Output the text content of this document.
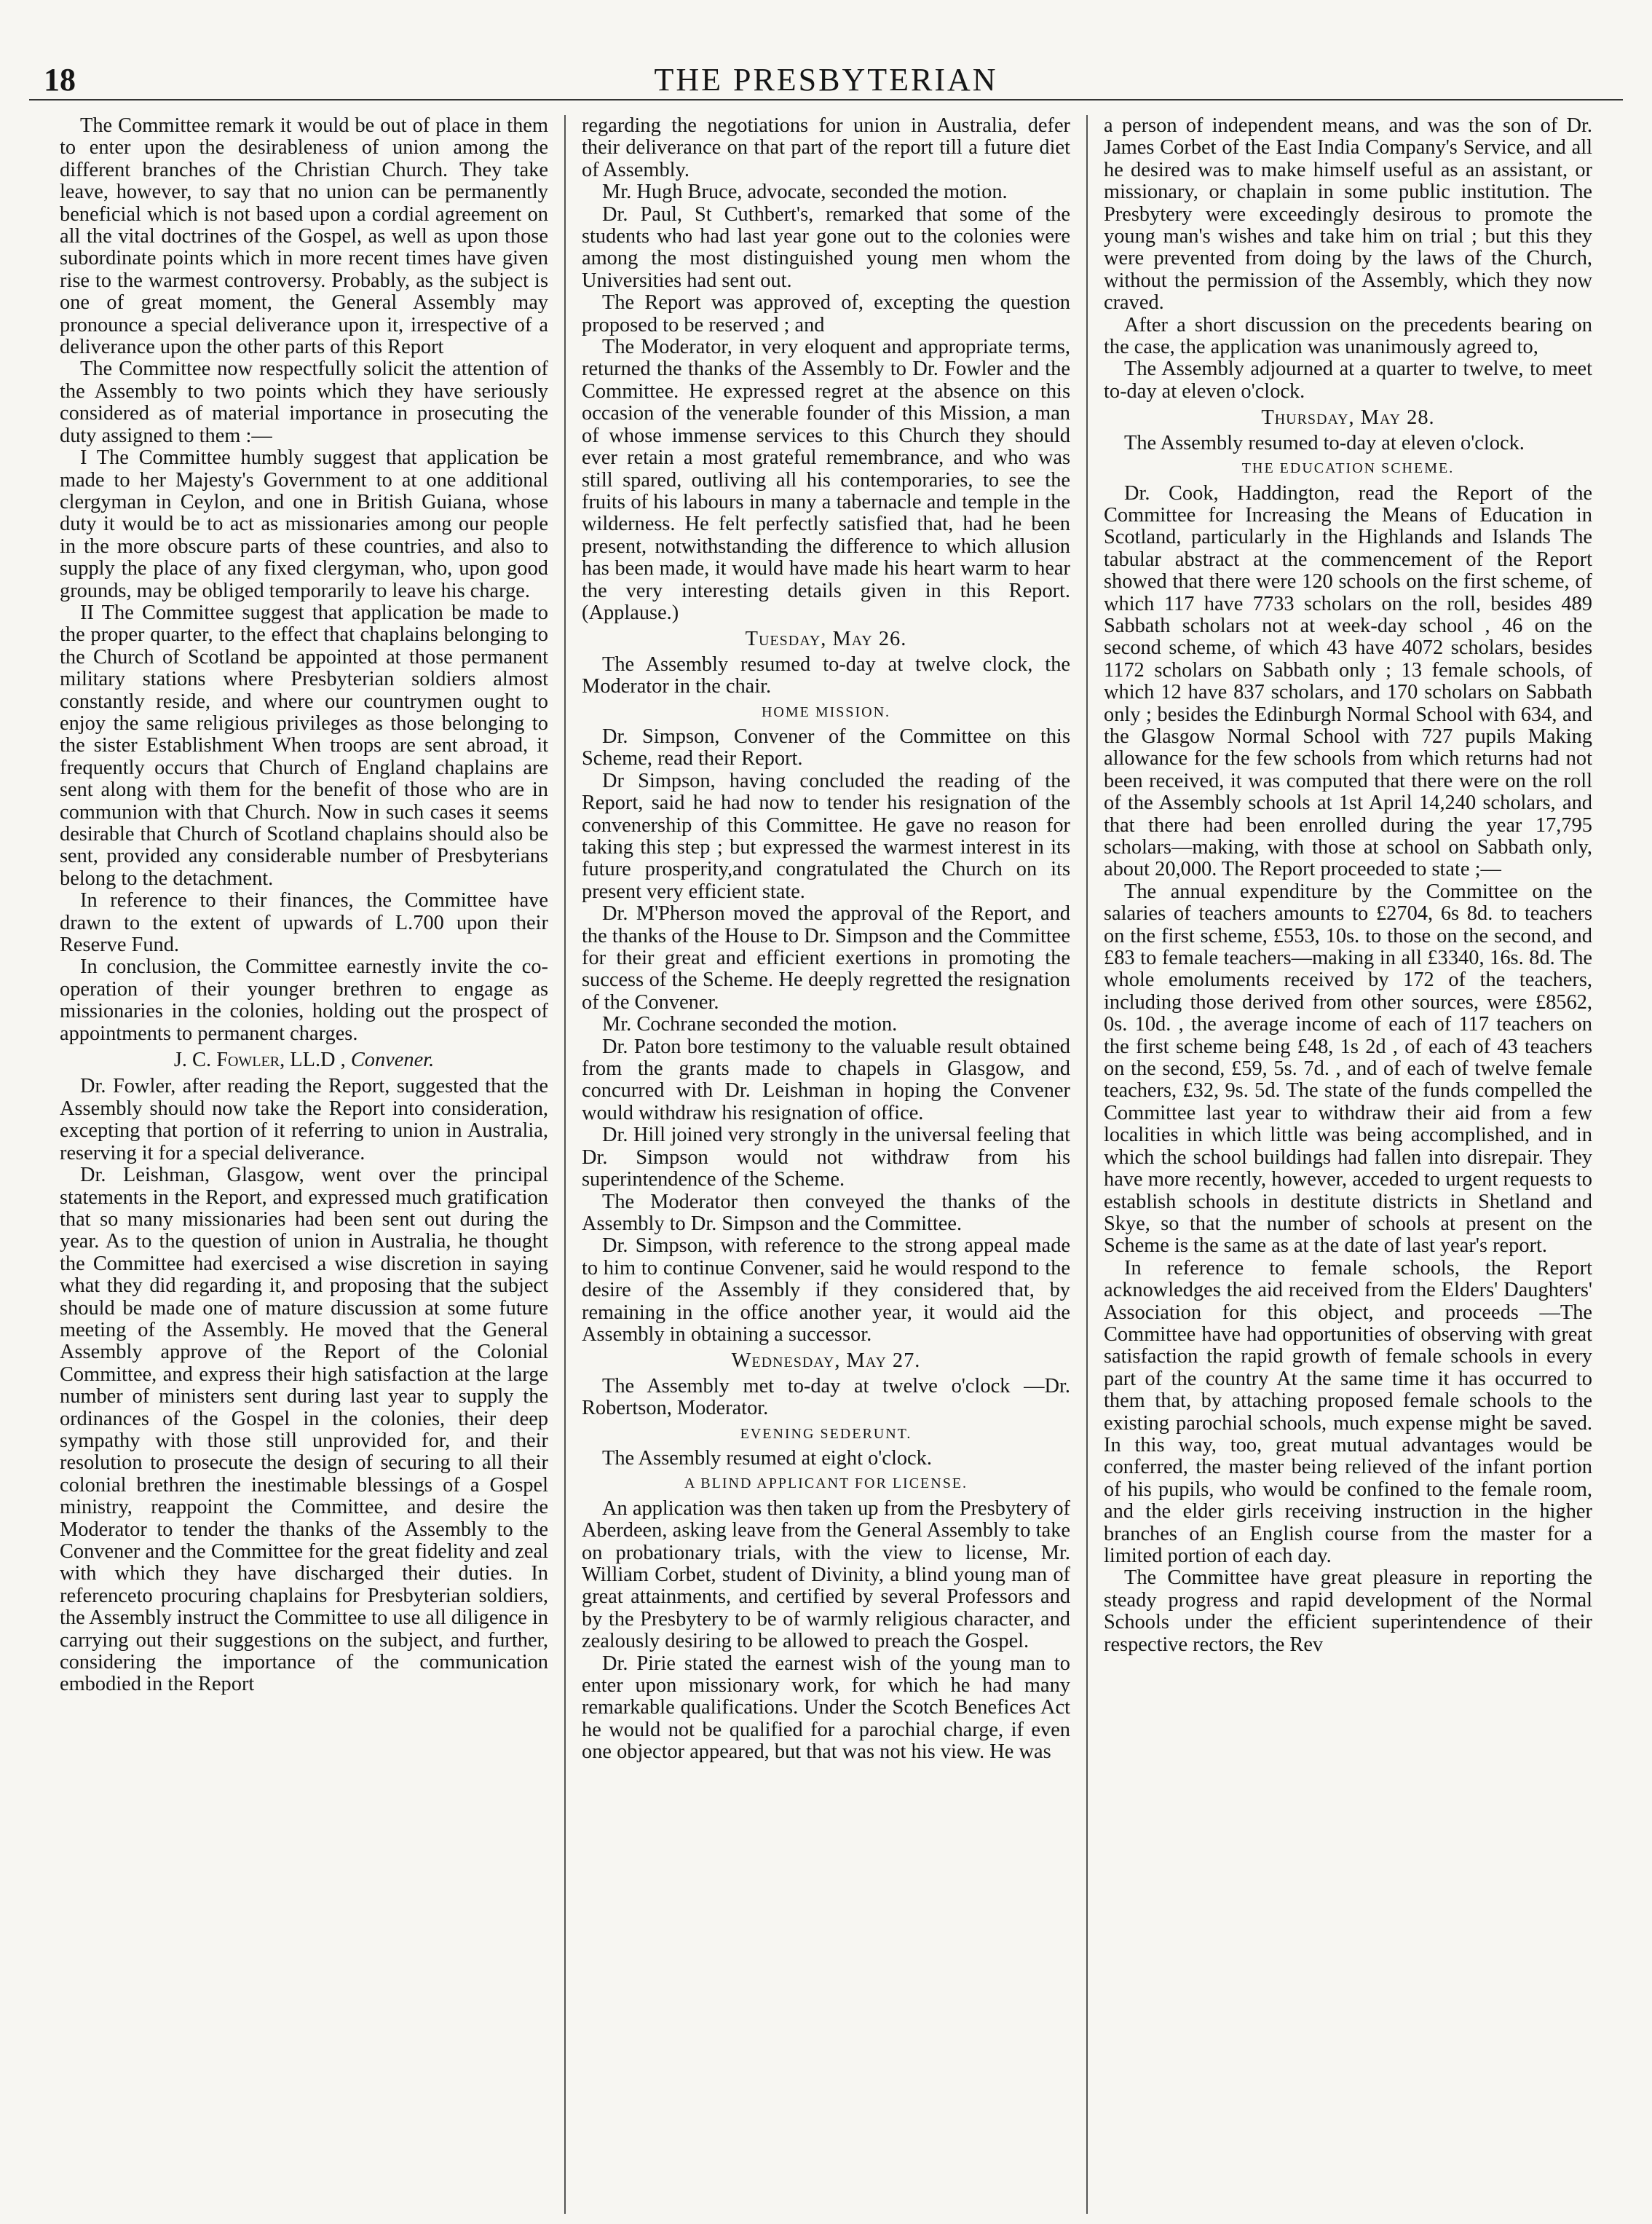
18	THE PRESBYTERIAN

The Committee remark it would be out of place in them to enter upon the desirableness of union among the different branches of the Christian Church. They take leave, however, to say that no union can be permanently beneficial which is not based upon a cordial agreement on all the vital doctrines of the Gospel, as well as upon those subordinate points which in more recent times have given rise to the warmest controversy. Probably, as the subject is one of great moment, the General Assembly may pronounce a special deliverance upon it, irrespective of a deliverance upon the other parts of this Report

The Committee now respectfully solicit the attention of the Assembly to two points which they have seriously considered as of material importance in prosecuting the duty assigned to them :—

I The Committee humbly suggest that application be made to her Majesty's Government to at one additional clergyman in Ceylon, and one in British Guiana, whose duty it would be to act as missionaries among our people in the more obscure parts of these countries, and also to supply the place of any fixed clergyman, who, upon good grounds, may be obliged temporarily to leave his charge.

II The Committee suggest that application be made to the proper quarter, to the effect that chaplains belonging to the Church of Scotland be appointed at those permanent military stations where Presbyterian soldiers almost constantly reside, and where our countrymen ought to enjoy the same religious privileges as those belonging to the sister Establishment When troops are sent abroad, it frequently occurs that Church of England chaplains are sent along with them for the benefit of those who are in communion with that Church. Now in such cases it seems desirable that Church of Scotland chaplains should also be sent, provided any considerable number of Presbyterians belong to the detachment.

In reference to their finances, the Committee have drawn to the extent of upwards of L.700 upon their Reserve Fund.

In conclusion, the Committee earnestly invite the co-operation of their younger brethren to engage as missionaries in the colonies, holding out the prospect of appointments to permanent charges.

J. C. Fowler, LL.D , Convener.

Dr. Fowler, after reading the Report, suggested that the Assembly should now take the Report into consideration, excepting that portion of it referring to union in Australia, reserving it for a special deliverance.

Dr. Leishman, Glasgow, went over the principal statements in the Report, and expressed much gratification that so many missionaries had been sent out during the year. As to the question of union in Australia, he thought the Committee had exercised a wise discretion in saying what they did regarding it, and proposing that the subject should be made one of mature discussion at some future meeting of the Assembly. He moved that the General Assembly approve of the Report of the Colonial Committee, and express their high satisfaction at the large number of ministers sent during last year to supply the ordinances of the Gospel in the colonies, their deep sympathy with those still unprovided for, and their resolution to prosecute the design of securing to all their colonial brethren the inestimable blessings of a Gospel ministry, reappoint the Committee, and desire the Moderator to tender the thanks of the Assembly to the Convener and the Committee for the great fidelity and zeal with which they have discharged their duties. In referenceto procuring chaplains for Presbyterian soldiers, the Assembly instruct the Committee to use all diligence in carrying out their suggestions on the subject, and further, considering the importance of the communication embodied in the Report

regarding the negotiations for union in Australia, defer their deliverance on that part of the report till a future diet of Assembly.

Mr. Hugh Bruce, advocate, seconded the motion.

Dr. Paul, St Cuthbert's, remarked that some of the students who had last year gone out to the colonies were among the most distinguished young men whom the Universities had sent out.

The Report was approved of, excepting the question proposed to be reserved ; and

The Moderator, in very eloquent and appropriate terms, returned the thanks of the Assembly to Dr. Fowler and the Committee. He expressed regret at the absence on this occasion of the venerable founder of this Mission, a man of whose immense services to this Church they should ever retain a most grateful remembrance, and who was still spared, outliving all his contemporaries, to see the fruits of his labours in many a tabernacle and temple in the wilderness. He felt perfectly satisfied that, had he been present, notwithstanding the difference to which allusion has been made, it would have made his heart warm to hear the very interesting details given in this Report. (Applause.)

Tuesday, May 26.

The Assembly resumed to-day at twelve clock, the Moderator in the chair.

HOME MISSION.

Dr. Simpson, Convener of the Committee on this Scheme, read their Report.

Dr Simpson, having concluded the reading of the Report, said he had now to tender his resignation of the convenership of this Committee. He gave no reason for taking this step ; but expressed the warmest interest in its future prosperity,and congratulated the Church on its present very efficient state.

Dr. M'Pherson moved the approval of the Report, and the thanks of the House to Dr. Simpson and the Committee for their great and efficient exertions in promoting the success of the Scheme. He deeply regretted the resignation of the Convener.

Mr. Cochrane seconded the motion.

Dr. Paton bore testimony to the valuable result obtained from the grants made to chapels in Glasgow, and concurred with Dr. Leishman in hoping the Convener would withdraw his resignation of office.

Dr. Hill joined very strongly in the universal feeling that Dr. Simpson would not withdraw from his superintendence of the Scheme.

The Moderator then conveyed the thanks of the Assembly to Dr. Simpson and the Committee.

Dr. Simpson, with reference to the strong appeal made to him to continue Convener, said he would respond to the desire of the Assembly if they considered that, by remaining in the office another year, it would aid the Assembly in obtaining a successor.

Wednesday, May 27.

The Assembly met to-day at twelve o'clock —Dr. Robertson, Moderator.

EVENING SEDERUNT.

The Assembly resumed at eight o'clock.

A BLIND APPLICANT FOR LICENSE.

An application was then taken up from the Presbytery of Aberdeen, asking leave from the General Assembly to take on probationary trials, with the view to license, Mr. William Corbet, student of Divinity, a blind young man of great attainments, and certified by several Professors and by the Presbytery to be of warmly religious character, and zealously desiring to be allowed to preach the Gospel.

Dr. Pirie stated the earnest wish of the young man to enter upon missionary work, for which he had many remarkable qualifications. Under the Scotch Benefices Act he would not be qualified for a parochial charge, if even one objector appeared, but that was not his view. He was

a person of independent means, and was the son of Dr. James Corbet of the East India Company's Service, and all he desired was to make himself useful as an assistant, or missionary, or chaplain in some public institution. The Presbytery were exceedingly desirous to promote the young man's wishes and take him on trial ; but this they were prevented from doing by the laws of the Church, without the permission of the Assembly, which they now craved.

After a short discussion on the precedents bearing on the case, the application was unanimously agreed to,

The Assembly adjourned at a quarter to twelve, to meet to-day at eleven o'clock.

Thursday, May 28.

The Assembly resumed to-day at eleven o'clock.

THE EDUCATION SCHEME.

Dr. Cook, Haddington, read the Report of the Committee for Increasing the Means of Education in Scotland, particularly in the Highlands and Islands The tabular abstract at the commencement of the Report showed that there were 120 schools on the first scheme, of which 117 have 7733 scholars on the roll, besides 489 Sabbath scholars not at week-day school , 46 on the second scheme, of which 43 have 4072 scholars, besides 1172 scholars on Sabbath only ; 13 female schools, of which 12 have 837 scholars, and 170 scholars on Sabbath only ; besides the Edinburgh Normal School with 634, and the Glasgow Normal School with 727 pupils Making allowance for the few schools from which returns had not been received, it was computed that there were on the roll of the Assembly schools at 1st April 14,240 scholars, and that there had been enrolled during the year 17,795 scholars—making, with those at school on Sabbath only, about 20,000. The Report proceeded to state ;—

The annual expenditure by the Committee on the salaries of teachers amounts to £2704, 6s 8d. to teachers on the first scheme, £553, 10s. to those on the second, and £83 to female teachers—making in all £3340, 16s. 8d. The whole emoluments received by 172 of the teachers, including those derived from other sources, were £8562, 0s. 10d. , the average income of each of 117 teachers on the first scheme being £48, 1s 2d , of each of 43 teachers on the second, £59, 5s. 7d. , and of each of twelve female teachers, £32, 9s. 5d. The state of the funds compelled the Committee last year to withdraw their aid from a few localities in which little was being accomplished, and in which the school buildings had fallen into disrepair. They have more recently, however, acceded to urgent requests to establish schools in destitute districts in Shetland and Skye, so that the number of schools at present on the Scheme is the same as at the date of last year's report.

In reference to female schools, the Report acknowledges the aid received from the Elders' Daughters' Association for this object, and proceeds —The Committee have had opportunities of observing with great satisfaction the rapid growth of female schools in every part of the country At the same time it has occurred to them that, by attaching proposed female schools to the existing parochial schools, much expense might be saved. In this way, too, great mutual advantages would be conferred, the master being relieved of the infant portion of his pupils, who would be confined to the female room, and the elder girls receiving instruction in the higher branches of an English course from the master for a limited portion of each day.

The Committee have great pleasure in reporting the steady progress and rapid development of the Normal Schools under the efficient superintendence of their respective rectors, the Rev
